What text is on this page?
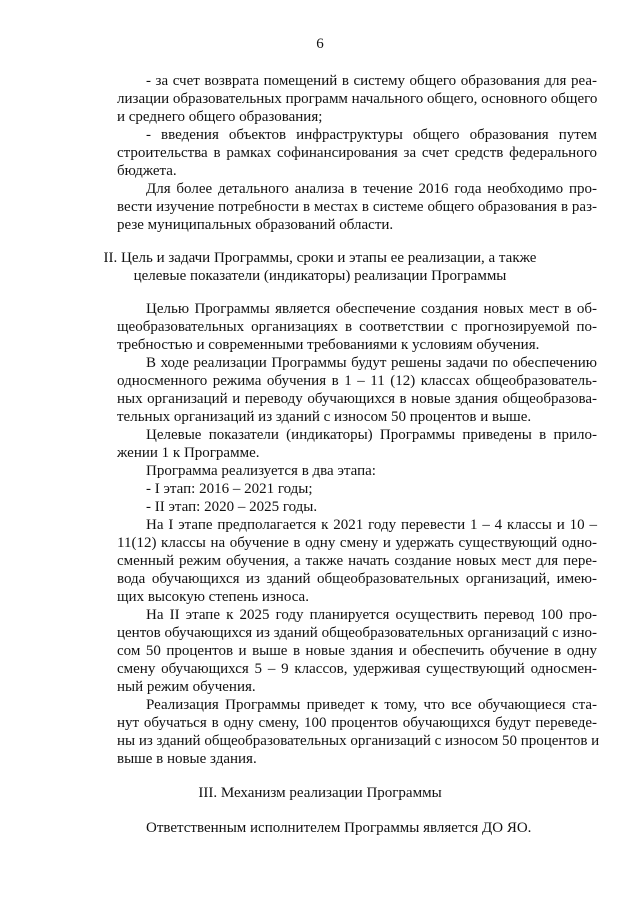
6
- за счет возврата помещений в систему общего образования для реа-
лизации образовательных программ начального общего, основного общего
и среднего общего образования;
- введения объектов инфраструктуры общего образования путем
строительства в рамках софинансирования за счет средств федерального
бюджета.
Для более детального анализа в течение 2016 года необходимо про-
вести изучение потребности в местах в системе общего образования в раз-
резе муниципальных образований области.
II. Цель и задачи Программы, сроки и этапы ее реализации, а также
целевые показатели (индикаторы) реализации Программы
Целью Программы является обеспечение создания новых мест в об-
щеобразовательных организациях в соответствии с прогнозируемой по-
требностью и современными требованиями к условиям обучения.
В ходе реализации Программы будут решены задачи по обеспечению
односменного режима обучения в 1 – 11 (12) классах общеобразователь-
ных организаций и переводу обучающихся в новые здания общеобразова-
тельных организаций из зданий с износом 50 процентов и выше.
Целевые показатели (индикаторы) Программы приведены в прило-
жении 1 к Программе.
Программа реализуется в два этапа:
- I этап: 2016 – 2021 годы;
- II этап: 2020 – 2025 годы.
На I этапе предполагается к 2021 году перевести 1 – 4 классы и 10 –
11(12) классы на обучение в одну смену и удержать существующий одно-
сменный режим обучения, а также начать создание новых мест для пере-
вода обучающихся из зданий общеобразовательных организаций, имею-
щих высокую степень износа.
На II этапе к 2025 году планируется осуществить перевод 100 про-
центов обучающихся из зданий общеобразовательных организаций с изно-
сом 50 процентов и выше в новые здания и обеспечить обучение в одну
смену обучающихся 5 – 9 классов, удерживая существующий односмен-
ный режим обучения.
Реализация Программы приведет к тому, что все обучающиеся ста-
нут обучаться в одну смену, 100 процентов обучающихся будут переведе-
ны из зданий общеобразовательных организаций с износом 50 процентов и
выше в новые здания.
III. Механизм реализации Программы
Ответственным исполнителем Программы является ДО ЯО.
